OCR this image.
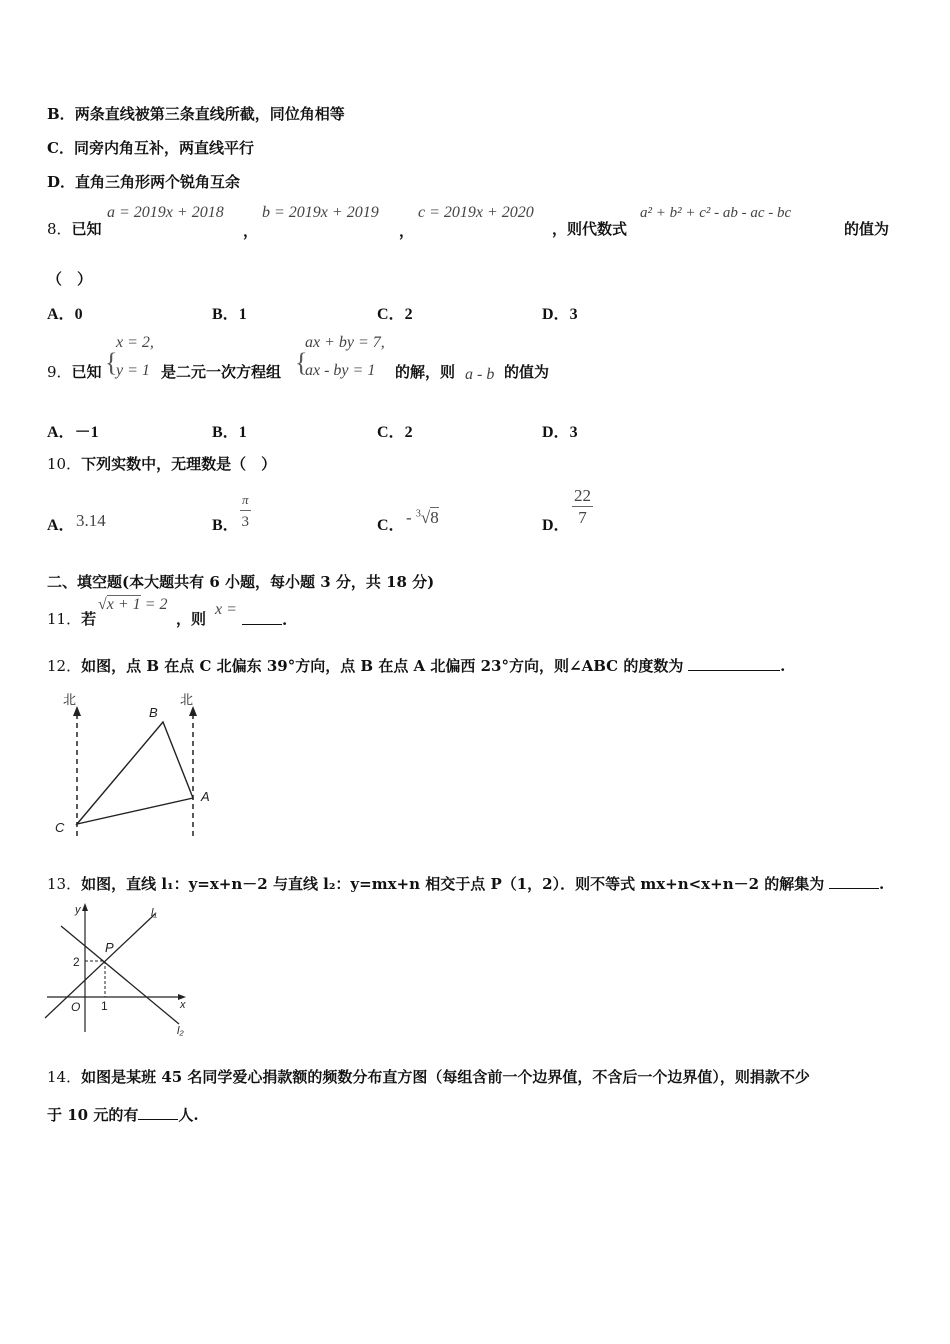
B．两条直线被第三条直线所截，同位角相等
C．同旁内角互补，两直线平行
D．直角三角形两个锐角互余
8．已知
a = 2019x + 2018
，
b = 2019x + 2019
，
c = 2019x + 2020
，则代数式
a² + b² + c² - ab - ac - bc
的值为
（　）
A．0	B．1	C．2	D．3
9．已知 {
x = 2,
y = 1 是二元一次方程组 {
ax + by = 7,
ax - by = 1 的解，则 a - b 的值为
A．－1	B．1	C．2	D．3
10．下列实数中，无理数是（　）
A． 3.14	B． $\frac{\pi}{3}$	C． - $^3$√8	D． $\frac{22}{7}$
二、填空题(本大题共有 6 小题，每小题 3 分，共 18 分)
11．若
√x + 1 = 2
，则
x =
.
12．如图，点 B 在点 C 北偏东 39°方向，点 B 在点 A 北偏西 23°方向，则∠ABC 的度数为	.
北	北
B
A
C
13．如图，直线 l₁：y=x+n－2 与直线 l₂：y=mx+n 相交于点 P（1，2）．则不等式 mx+n<x+n－2 的解集为	.
y
x
O
2
1
l₁
l₂
P
14．如图是某班 45 名同学爱心捐款额的频数分布直方图（每组含前一个边界值，不含后一个边界值），则捐款不少
于 10 元的有	人.
